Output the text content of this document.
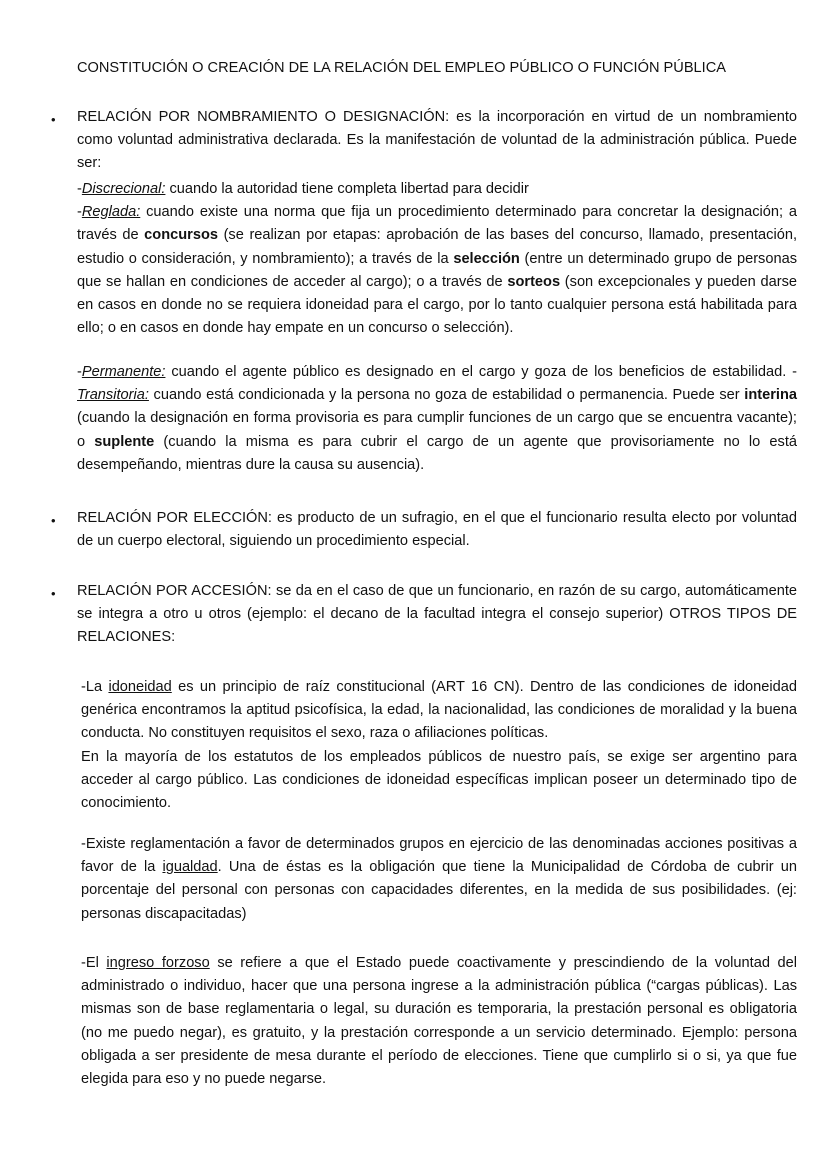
CONSTITUCIÓN O CREACIÓN DE LA RELACIÓN DEL EMPLEO PÚBLICO O FUNCIÓN PÚBLICA
•	RELACIÓN POR NOMBRAMIENTO O DESIGNACIÓN: es la incorporación en virtud de un nombramiento como voluntad administrativa declarada. Es la manifestación de voluntad de la administración pública. Puede ser:

-Discrecional: cuando la autoridad tiene completa libertad para decidir
-Reglada: cuando existe una norma que fija un procedimiento determinado para concretar la designación; a través de concursos (se realizan por etapas: aprobación de las bases del concurso, llamado, presentación, estudio o consideración, y nombramiento); a través de la selección (entre un determinado grupo de personas que se hallan en condiciones de acceder al cargo); o a través de sorteos (son excepcionales y pueden darse en casos en donde no se requiera idoneidad para el cargo, por lo tanto cualquier persona está habilitada para ello; o en casos en donde hay empate en un concurso o selección).
-Permanente: cuando el agente público es designado en el cargo y goza de los beneficios de estabilidad. - Transitoria: cuando está condicionada y la persona no goza de estabilidad o permanencia. Puede ser interina (cuando la designación en forma provisoria es para cumplir funciones de un cargo que se encuentra vacante); o suplente (cuando la misma es para cubrir el cargo de un agente que provisoriamente no lo está desempeñando, mientras dure la causa su ausencia).
•	RELACIÓN POR ELECCIÓN: es producto de un sufragio, en el que el funcionario resulta electo por voluntad de un cuerpo electoral, siguiendo un procedimiento especial.

•	RELACIÓN POR ACCESIÓN: se da en el caso de que un funcionario, en razón de su cargo, automáticamente se integra a otro u otros (ejemplo: el decano de la facultad integra el consejo superior) OTROS TIPOS DE RELACIONES:

-La idoneidad es un principio de raíz constitucional (ART 16 CN). Dentro de las condiciones de idoneidad genérica encontramos la aptitud psicofísica, la edad, la nacionalidad, las condiciones de moralidad y la buena conducta. No constituyen requisitos el sexo, raza o afiliaciones políticas.
En la mayoría de los estatutos de los empleados públicos de nuestro país, se exige ser argentino para acceder al cargo público. Las condiciones de idoneidad específicas implican poseer un determinado tipo de conocimiento.
-Existe reglamentación a favor de determinados grupos en ejercicio de las denominadas acciones positivas a favor de la igualdad. Una de éstas es la obligación que tiene la Municipalidad de Córdoba de cubrir un porcentaje del personal con personas con capacidades diferentes, en la medida de sus posibilidades. (ej: personas discapacitadas)
-El ingreso forzoso se refiere a que el Estado puede coactivamente y prescindiendo de la voluntad del administrado o individuo, hacer que una persona ingrese a la administración pública (“cargas públicas). Las mismas son de base reglamentaria o legal, su duración es temporaria, la prestación personal es obligatoria (no me puedo negar), es gratuito, y la prestación corresponde a un servicio determinado. Ejemplo: persona obligada a ser presidente de mesa durante el período de elecciones. Tiene que cumplirlo si o si, ya que fue elegida para eso y no puede negarse.
